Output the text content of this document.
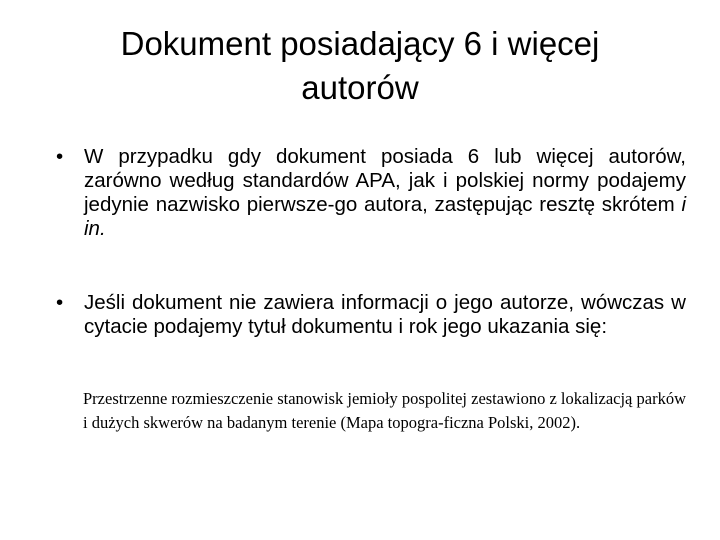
Dokument posiadający 6 i więcej
autorów
•	W przypadku gdy dokument posiada 6 lub więcej autorów, zarówno według standardów APA, jak i polskiej normy podajemy jedynie nazwisko pierwsze-go autora, zastępując resztę skrótem i in.
•	Jeśli dokument nie zawiera informacji o jego autorze, wówczas w cytacie podajemy tytuł dokumentu i rok jego ukazania się:
Przestrzenne rozmieszczenie stanowisk jemioły pospolitej zestawiono z lokalizacją parków i dużych skwerów na badanym terenie (Mapa topogra-ficzna Polski, 2002).
